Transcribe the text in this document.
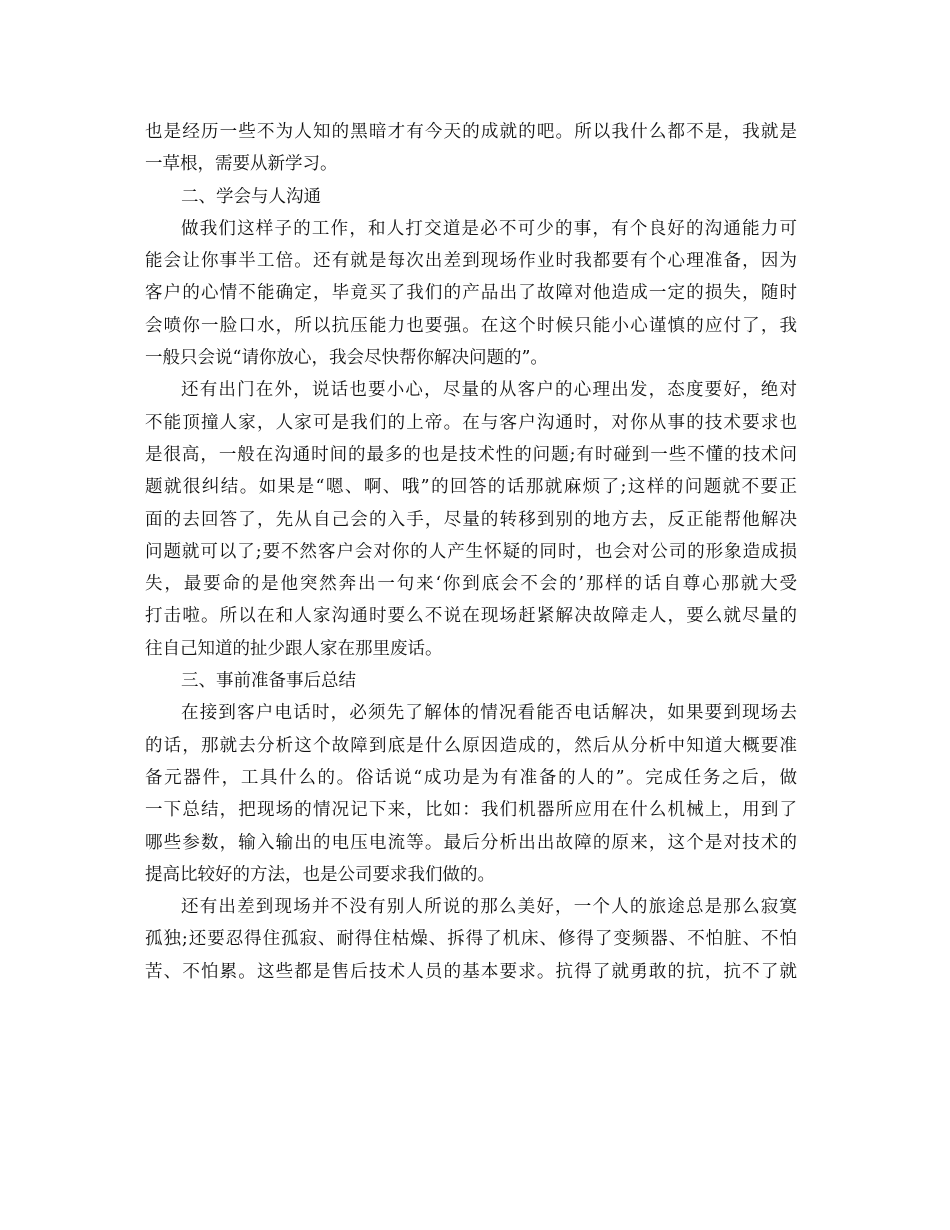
也是经历一些不为人知的黑暗才有今天的成就的吧。所以我什么都不是，我就是
一草根，需要从新学习。
二、学会与人沟通
做我们这样子的工作，和人打交道是必不可少的事，有个良好的沟通能力可
能会让你事半工倍。还有就是每次出差到现场作业时我都要有个心理准备，因为
客户的心情不能确定，毕竟买了我们的产品出了故障对他造成一定的损失，随时
会喷你一脸口水，所以抗压能力也要强。在这个时候只能小心谨慎的应付了，我
一般只会说“请你放心，我会尽快帮你解决问题的”。
还有出门在外，说话也要小心，尽量的从客户的心理出发，态度要好，绝对
不能顶撞人家，人家可是我们的上帝。在与客户沟通时，对你从事的技术要求也
是很高，一般在沟通时间的最多的也是技术性的问题;有时碰到一些不懂的技术问
题就很纠结。如果是“嗯、啊、哦”的回答的话那就麻烦了;这样的问题就不要正
面的去回答了，先从自己会的入手，尽量的转移到别的地方去，反正能帮他解决
问题就可以了;要不然客户会对你的人产生怀疑的同时，也会对公司的形象造成损
失，最要命的是他突然奔出一句来‘你到底会不会的’那样的话自尊心那就大受
打击啦。所以在和人家沟通时要么不说在现场赶紧解决故障走人，要么就尽量的
往自己知道的扯少跟人家在那里废话。
三、事前准备事后总结
在接到客户电话时，必须先了解体的情况看能否电话解决，如果要到现场去
的话，那就去分析这个故障到底是什么原因造成的，然后从分析中知道大概要准
备元器件，工具什么的。俗话说“成功是为有准备的人的”。完成任务之后，做
一下总结，把现场的情况记下来，比如：我们机器所应用在什么机械上，用到了
哪些参数，输入输出的电压电流等。最后分析出出故障的原来，这个是对技术的
提高比较好的方法，也是公司要求我们做的。
还有出差到现场并不没有别人所说的那么美好，一个人的旅途总是那么寂寞
孤独;还要忍得住孤寂、耐得住枯燥、拆得了机床、修得了变频器、不怕脏、不怕
苦、不怕累。这些都是售后技术人员的基本要求。抗得了就勇敢的抗，抗不了就
